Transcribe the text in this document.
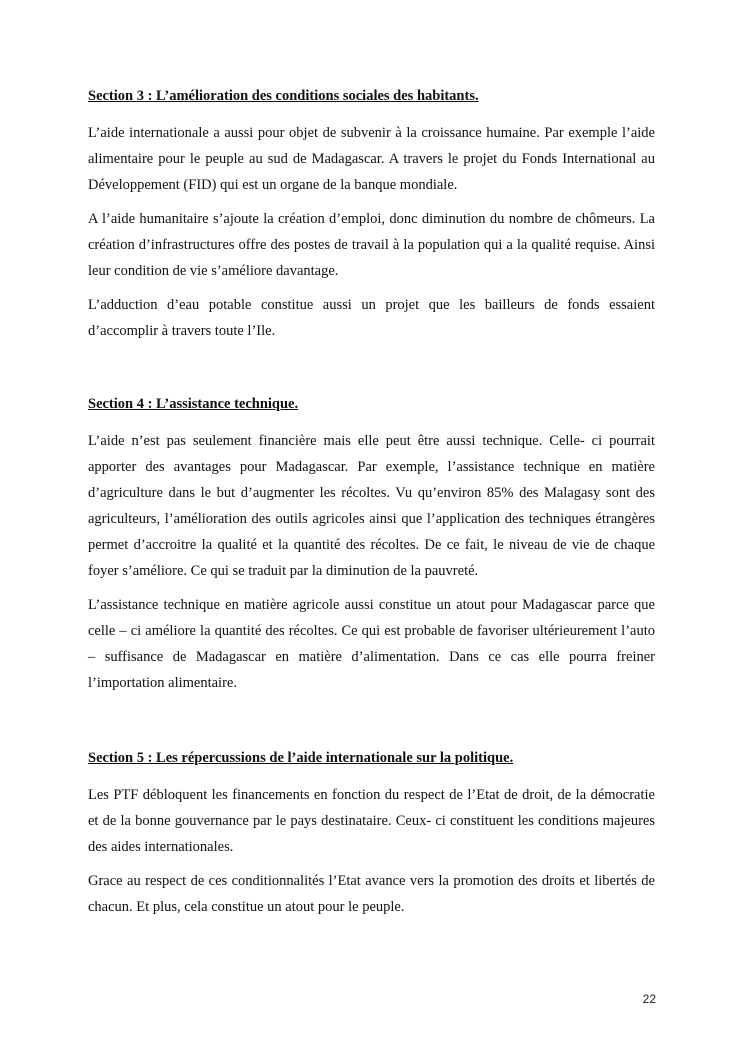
Section 3 : L’amélioration des conditions sociales des habitants.

L’aide internationale a aussi pour objet de subvenir à la croissance humaine. Par exemple l’aide alimentaire pour le peuple au sud de Madagascar. A travers le projet du Fonds International au Développement (FID) qui est un organe de la banque mondiale.

A l’aide humanitaire s’ajoute la création d’emploi, donc diminution du nombre de chômeurs. La création d’infrastructures offre des postes de travail à la population qui a la qualité requise. Ainsi leur condition de vie s’améliore davantage.

L’adduction d’eau potable constitue aussi un projet que les bailleurs de fonds essaient d’accomplir à travers toute l’Ile.

Section 4 : L’assistance technique.

L’aide n’est pas seulement financière mais elle peut être aussi technique. Celle- ci pourrait apporter des avantages pour Madagascar. Par exemple, l’assistance technique en matière d’agriculture dans le but d’augmenter les récoltes. Vu qu’environ 85% des Malagasy sont des agriculteurs, l’amélioration des outils agricoles ainsi que l’application des techniques étrangères permet d’accroitre la qualité et la quantité des récoltes. De ce fait, le niveau de vie de chaque foyer s’améliore. Ce qui se traduit par la diminution de la pauvreté.

L’assistance technique en matière agricole aussi constitue un atout pour Madagascar parce que celle – ci améliore la quantité des récoltes. Ce qui est probable de favoriser ultérieurement l’auto – suffisance de Madagascar en matière d’alimentation. Dans ce cas elle pourra freiner l’importation alimentaire.

Section 5 : Les répercussions de l’aide internationale sur la politique.

Les PTF débloquent les financements en fonction du respect de l’Etat de droit, de la démocratie et de la bonne gouvernance par le pays destinataire. Ceux- ci constituent les conditions majeures des aides internationales.

Grace au respect de ces conditionnalités l’Etat avance vers la promotion des droits et libertés de chacun. Et plus, cela constitue un atout pour le peuple.

22
